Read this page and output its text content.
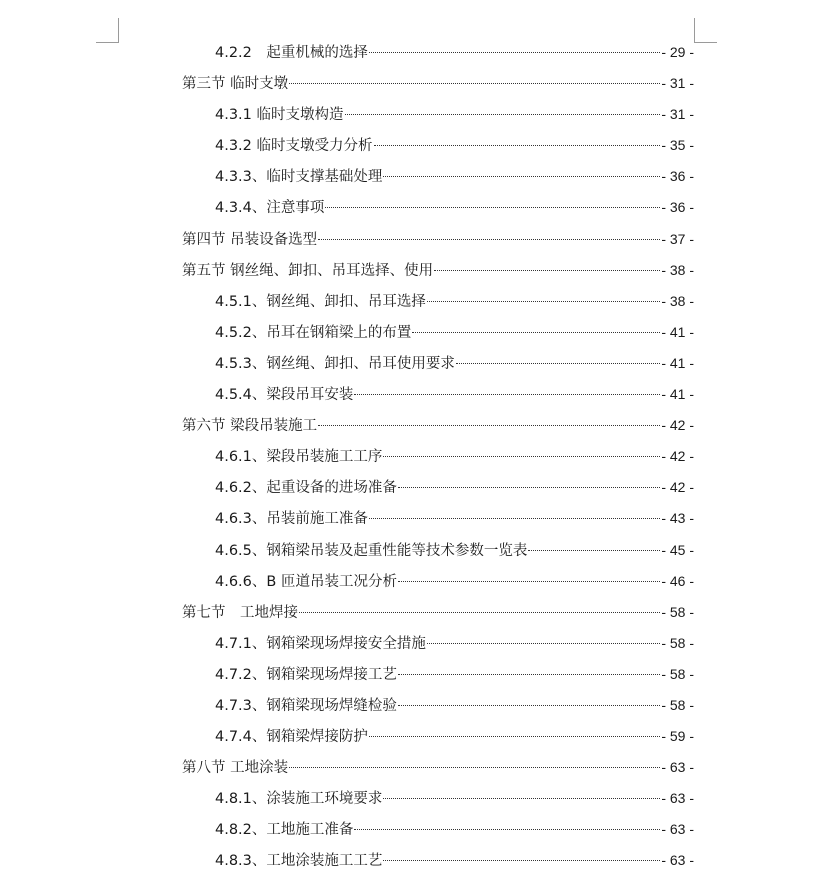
4.2.2　起重机械的选择	- 29 -
第三节 临时支墩	- 31 -
4.3.1 临时支墩构造	- 31 -
4.3.2 临时支墩受力分析	- 35 -
4.3.3、临时支撑基础处理	- 36 -
4.3.4、注意事项	- 36 -
第四节 吊装设备选型	- 37 -
第五节 钢丝绳、卸扣、吊耳选择、使用	- 38 -
4.5.1、钢丝绳、卸扣、吊耳选择	- 38 -
4.5.2、吊耳在钢箱梁上的布置	- 41 -
4.5.3、钢丝绳、卸扣、吊耳使用要求	- 41 -
4.5.4、梁段吊耳安装	- 41 -
第六节 梁段吊装施工	- 42 -
4.6.1、梁段吊装施工工序	- 42 -
4.6.2、起重设备的进场准备	- 42 -
4.6.3、吊装前施工准备	- 43 -
4.6.5、钢箱梁吊装及起重性能等技术参数一览表	- 45 -
4.6.6、B 匝道吊装工况分析	- 46 -
第七节　工地焊接	- 58 -
4.7.1、钢箱梁现场焊接安全措施	- 58 -
4.7.2、钢箱梁现场焊接工艺	- 58 -
4.7.3、钢箱梁现场焊缝检验	- 58 -
4.7.4、钢箱梁焊接防护	- 59 -
第八节 工地涂装	- 63 -
4.8.1、涂装施工环境要求	- 63 -
4.8.2、工地施工准备	- 63 -
4.8.3、工地涂装施工工艺	- 63 -
